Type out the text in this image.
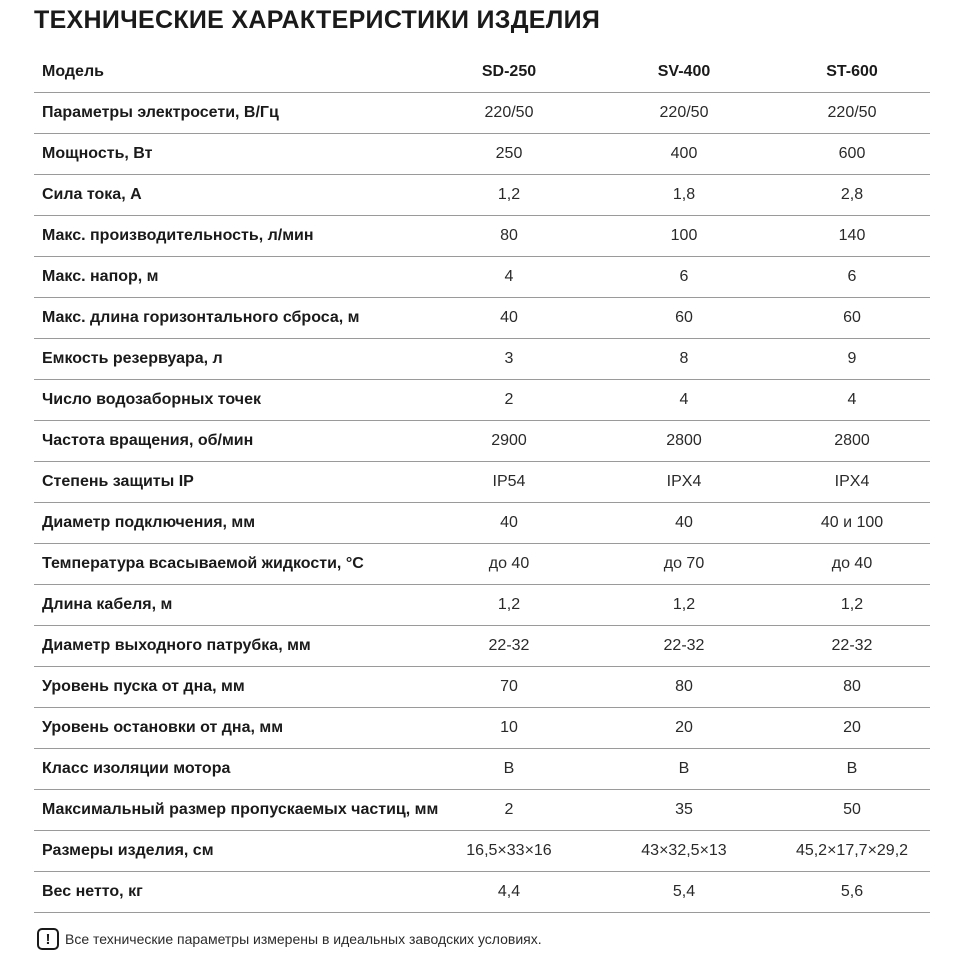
ТЕХНИЧЕСКИЕ ХАРАКТЕРИСТИКИ ИЗДЕЛИЯ
Модель	SD-250	SV-400	ST-600
Параметры электросети, В/Гц	220/50	220/50	220/50
Мощность, Вт	250	400	600
Сила тока, А	1,2	1,8	2,8
Макс. производительность, л/мин	80	100	140
Макс. напор, м	4	6	6
Макс. длина горизонтального сброса, м	40	60	60
Емкость резервуара, л	3	8	9
Число водозаборных точек	2	4	4
Частота вращения, об/мин	2900	2800	2800
Степень защиты IP	IP54	IPX4	IPX4
Диаметр подключения, мм	40	40	40 и 100
Температура всасываемой жидкости, °С	до 40	до 70	до 40
Длина кабеля, м	1,2	1,2	1,2
Диаметр выходного патрубка, мм	22-32	22-32	22-32
Уровень пуска от дна, мм	70	80	80
Уровень остановки от дна, мм	10	20	20
Класс изоляции мотора	B	B	B
Максимальный размер пропускаемых частиц, мм	2	35	50
Размеры изделия, см	16,5×33×16	43×32,5×13	45,2×17,7×29,2
Вес нетто, кг	4,4	5,4	5,6
!	Все технические параметры измерены в идеальных заводских условиях.
